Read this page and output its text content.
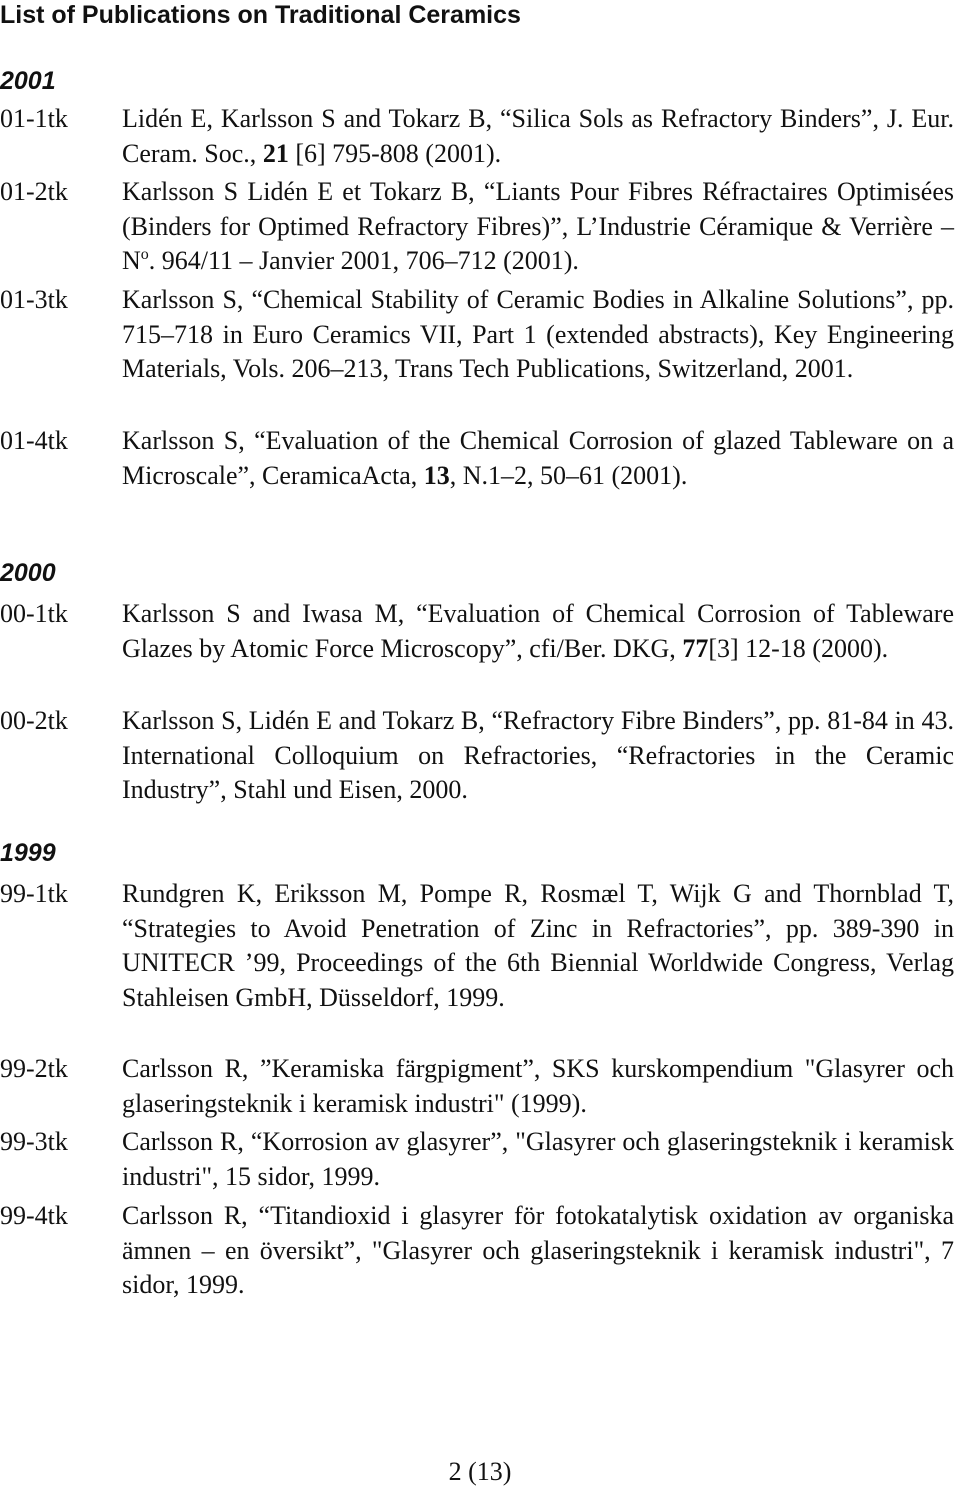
List of Publications on Traditional Ceramics
2001
01-1tk Lidén E, Karlsson S and Tokarz B, “Silica Sols as Refractory Binders”, J. Eur. Ceram. Soc., 21 [6] 795-808 (2001).
01-2tk Karlsson S Lidén E et Tokarz B, “Liants Pour Fibres Réfractaires Optimisées (Binders for Optimed Refractory Fibres)”, L’Industrie Céramique & Verrière – $N^o$. 964/11 – Janvier 2001, 706–712 (2001).
01-3tk Karlsson S, “Chemical Stability of Ceramic Bodies in Alkaline Solutions”, pp. 715–718 in Euro Ceramics VII, Part 1 (extended abstracts), Key Engineering Materials, Vols. 206–213, Trans Tech Publications, Switzerland, 2001.
01-4tk Karlsson S, “Evaluation of the Chemical Corrosion of glazed Tableware on a Microscale”, CeramicaActa, 13, N.1–2, 50–61 (2001).
2000
00-1tk Karlsson S and Iwasa M, “Evaluation of Chemical Corrosion of Tableware Glazes by Atomic Force Microscopy”, cfi/Ber. DKG, 77[3] 12-18 (2000).
00-2tk Karlsson S, Lidén E and Tokarz B, “Refractory Fibre Binders”, pp. 81-84 in 43. International Colloquium on Refractories, “Refractories in the Ceramic Industry”, Stahl und Eisen, 2000.
1999
99-1tk Rundgren K, Eriksson M, Pompe R, Rosmæl T, Wijk G and Thornblad T, “Strategies to Avoid Penetration of Zinc in Refractories”, pp. 389-390 in UNITECR ’99, Proceedings of the 6th Biennial Worldwide Congress, Verlag Stahleisen GmbH, Düsseldorf, 1999.
99-2tk Carlsson R, ”Keramiska färgpigment”, SKS kurskompendium "Glasyrer och glaseringsteknik i keramisk industri" (1999).
99-3tk Carlsson R, “Korrosion av glasyrer”, "Glasyrer och glaseringsteknik i keramisk industri", 15 sidor, 1999.
99-4tk Carlsson R, “Titandioxid i glasyrer för fotokatalytisk oxidation av organiska ämnen – en översikt”, "Glasyrer och glaseringsteknik i keramisk industri", 7 sidor, 1999.
2 (13)
